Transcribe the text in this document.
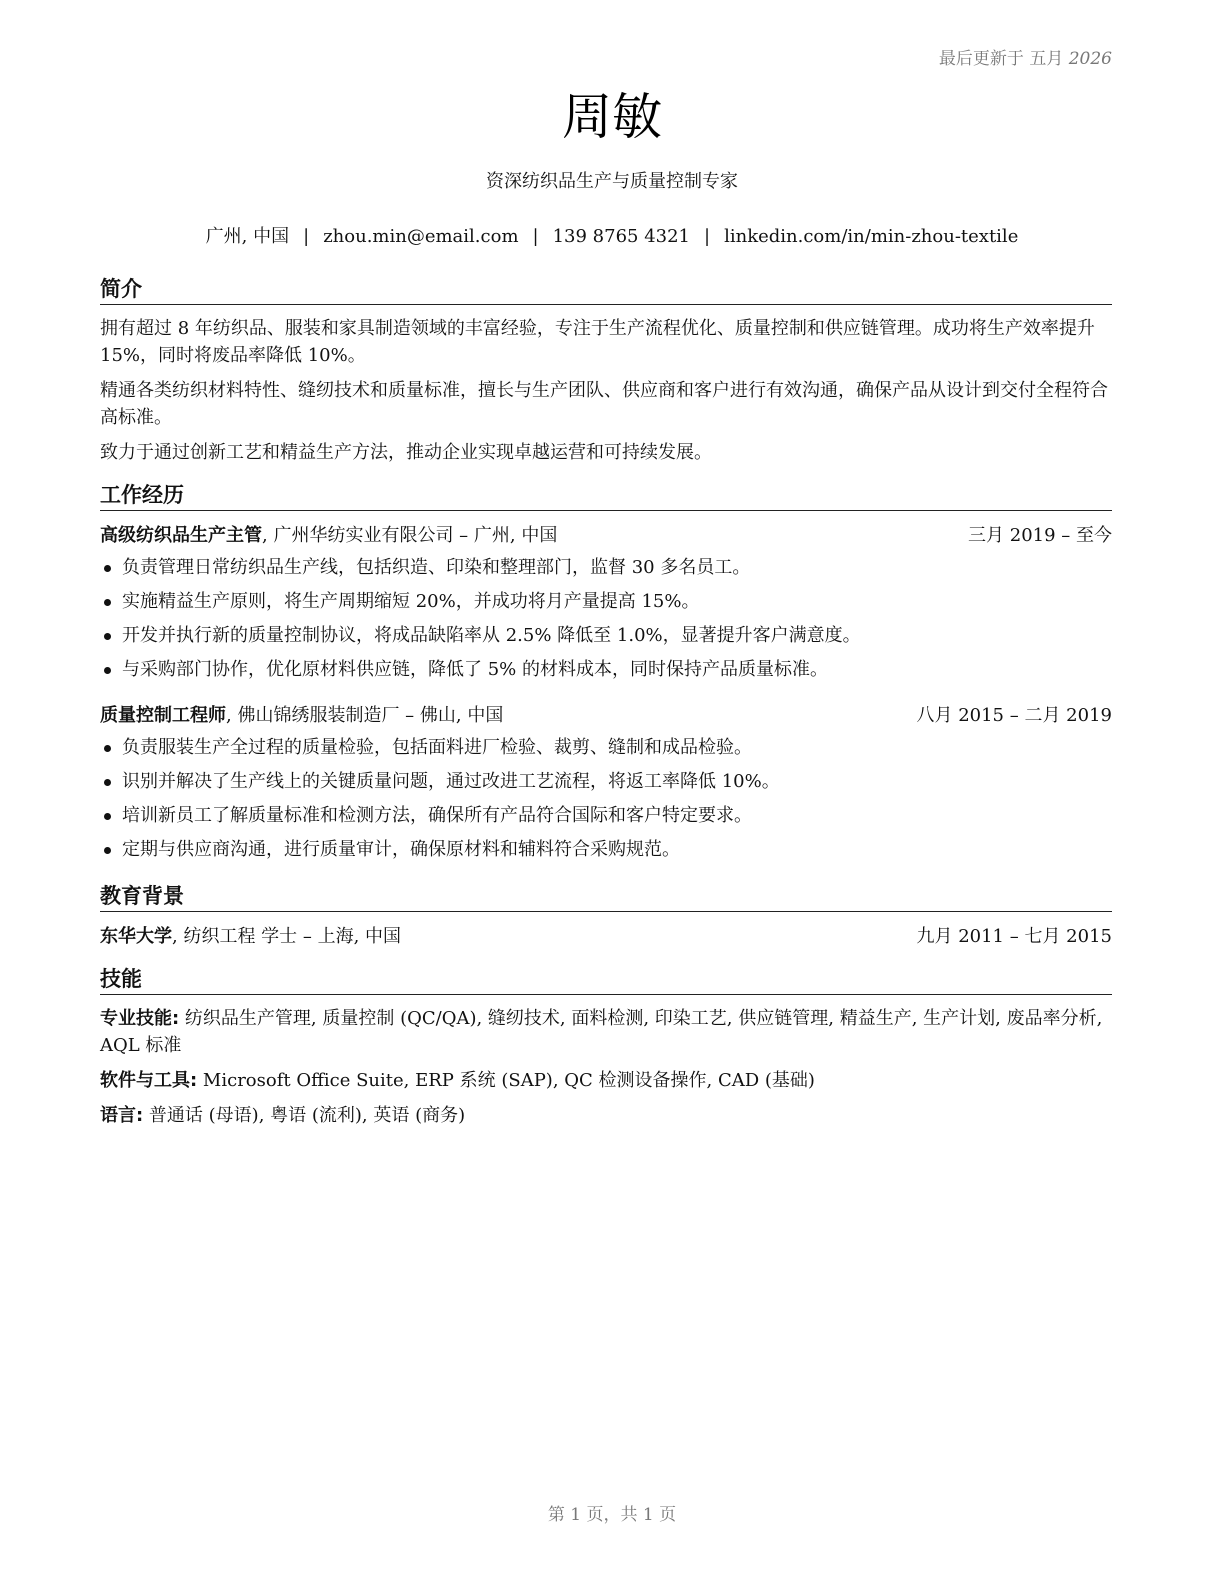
最后更新于 五月 2026
周敏
资深纺织品生产与质量控制专家
广州, 中国 | zhou.min@email.com | 139 8765 4321 | linkedin.com/in/min-zhou-textile
简介

拥有超过 8 年纺织品、服装和家具制造领域的丰富经验，专注于生产流程优化、质量控制和供应链管理。成功将生产效率提升 15%，同时将废品率降低 10%。

精通各类纺织材料特性、缝纫技术和质量标准，擅长与生产团队、供应商和客户进行有效沟通，确保产品从设计到交付全程符合高标准。

致力于通过创新工艺和精益生产方法，推动企业实现卓越运营和可持续发展。

工作经历
高级纺织品生产主管, 广州华纺实业有限公司 – 广州, 中国	三月 2019 – 至今
负责管理日常纺织品生产线，包括织造、印染和整理部门，监督 30 多名员工。
实施精益生产原则，将生产周期缩短 20%，并成功将月产量提高 15%。
开发并执行新的质量控制协议，将成品缺陷率从 2.5% 降低至 1.0%，显著提升客户满意度。
与采购部门协作，优化原材料供应链，降低了 5% 的材料成本，同时保持产品质量标准。
质量控制工程师, 佛山锦绣服装制造厂 – 佛山, 中国	八月 2015 – 二月 2019
负责服装生产全过程的质量检验，包括面料进厂检验、裁剪、缝制和成品检验。
识别并解决了生产线上的关键质量问题，通过改进工艺流程，将返工率降低 10%。
培训新员工了解质量标准和检测方法，确保所有产品符合国际和客户特定要求。
定期与供应商沟通，进行质量审计，确保原材料和辅料符合采购规范。
教育背景
东华大学, 纺织工程 学士 – 上海, 中国	九月 2011 – 七月 2015
技能

专业技能: 纺织品生产管理, 质量控制 (QC/QA), 缝纫技术, 面料检测, 印染工艺, 供应链管理, 精益生产, 生产计划, 废品率分析, AQL 标准

软件与工具: Microsoft Office Suite, ERP 系统 (SAP), QC 检测设备操作, CAD (基础)

语言: 普通话 (母语), 粤语 (流利), 英语 (商务)

第 1 页，共 1 页
